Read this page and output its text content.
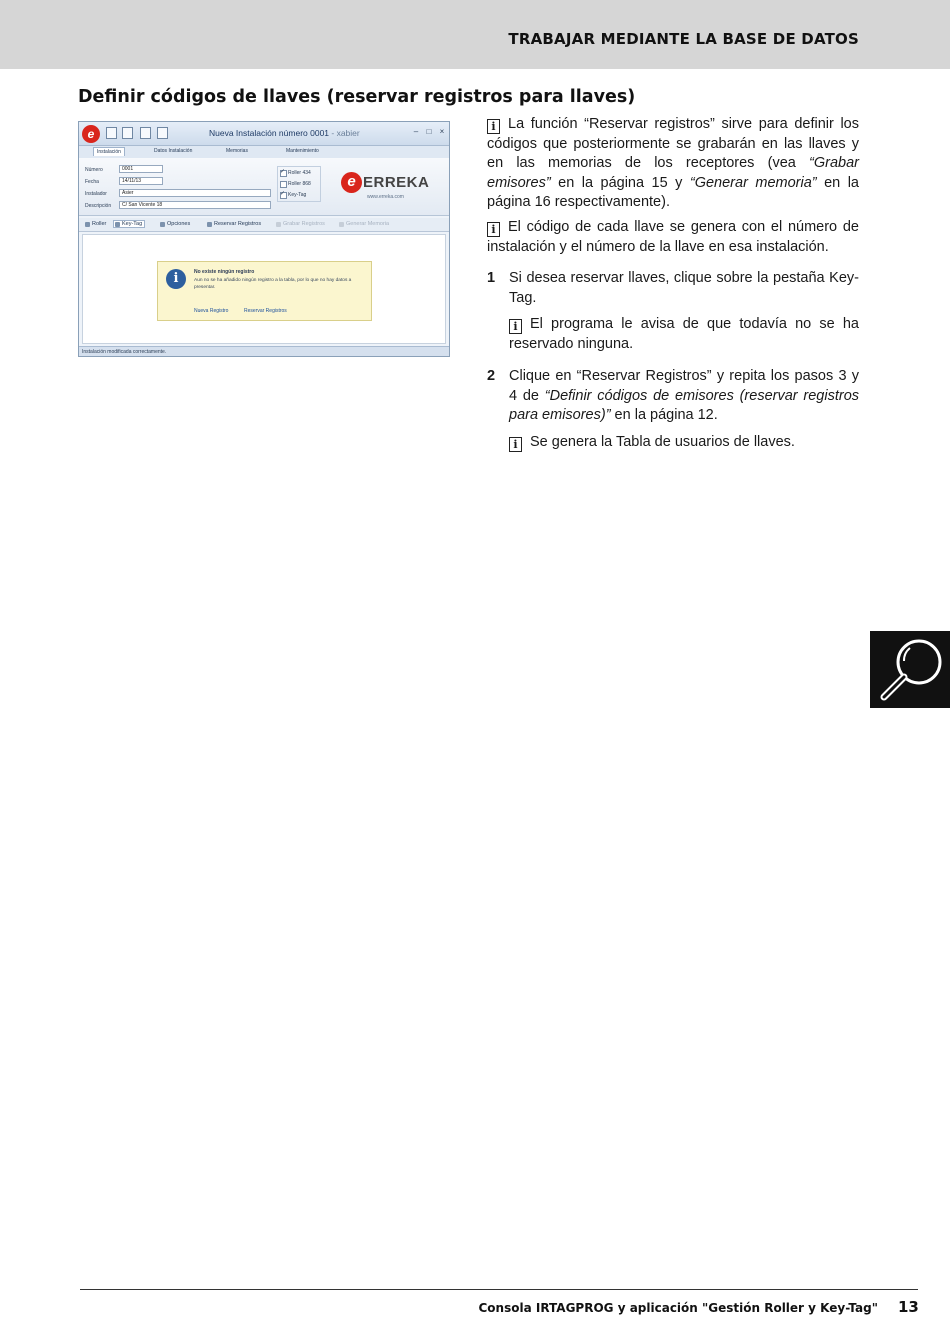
TRABAJAR MEDIANTE LA BASE DE DATOS
Definir códigos de llaves (reservar registros para llaves)
e	Nueva Instalación número 0001 - xabier	–	□	×
Instalación	Datos Instalación	Memorias	Mantenimiento
Número	0001
Fecha	14/11/13
Instalador	Asier
Descripción	C/ San Vicente 18
Roller 434 ✓
Roller 868
Key-Tag ✓
e ERREKA
www.erreka.com
Roller	Key-Tag	Opciones	Reservar Registros	Grabar Registros	Generar Memoria
i	No existe ningún registro
Aun no se ha añadido ningún registro a la tabla, por lo que no hay datos a presentar.
Nueva Registro	Reservar Registros
Instalación modificada correctamente.

i La función “Reservar registros” sirve para definir los códigos que posteriormente se grabarán en las llaves y en las memorias de los receptores (vea “Grabar emisores” en la página 15 y “Generar memoria” en la página 16 respectivamente).

i El código de cada llave se genera con el número de instalación y el número de la llave en esa instalación.

1 Si desea reservar llaves, clique sobre la pestaña Key-Tag.

i El programa le avisa de que todavía no se ha reservado ninguna.

2 Clique en “Reservar Registros” y repita los pasos 3 y 4 de “Definir códigos de emisores (reservar registros para emisores)” en la página 12.

i Se genera la Tabla de usuarios de llaves.

Consola IRTAGPROG y aplicación "Gestión Roller y Key-Tag" 13
